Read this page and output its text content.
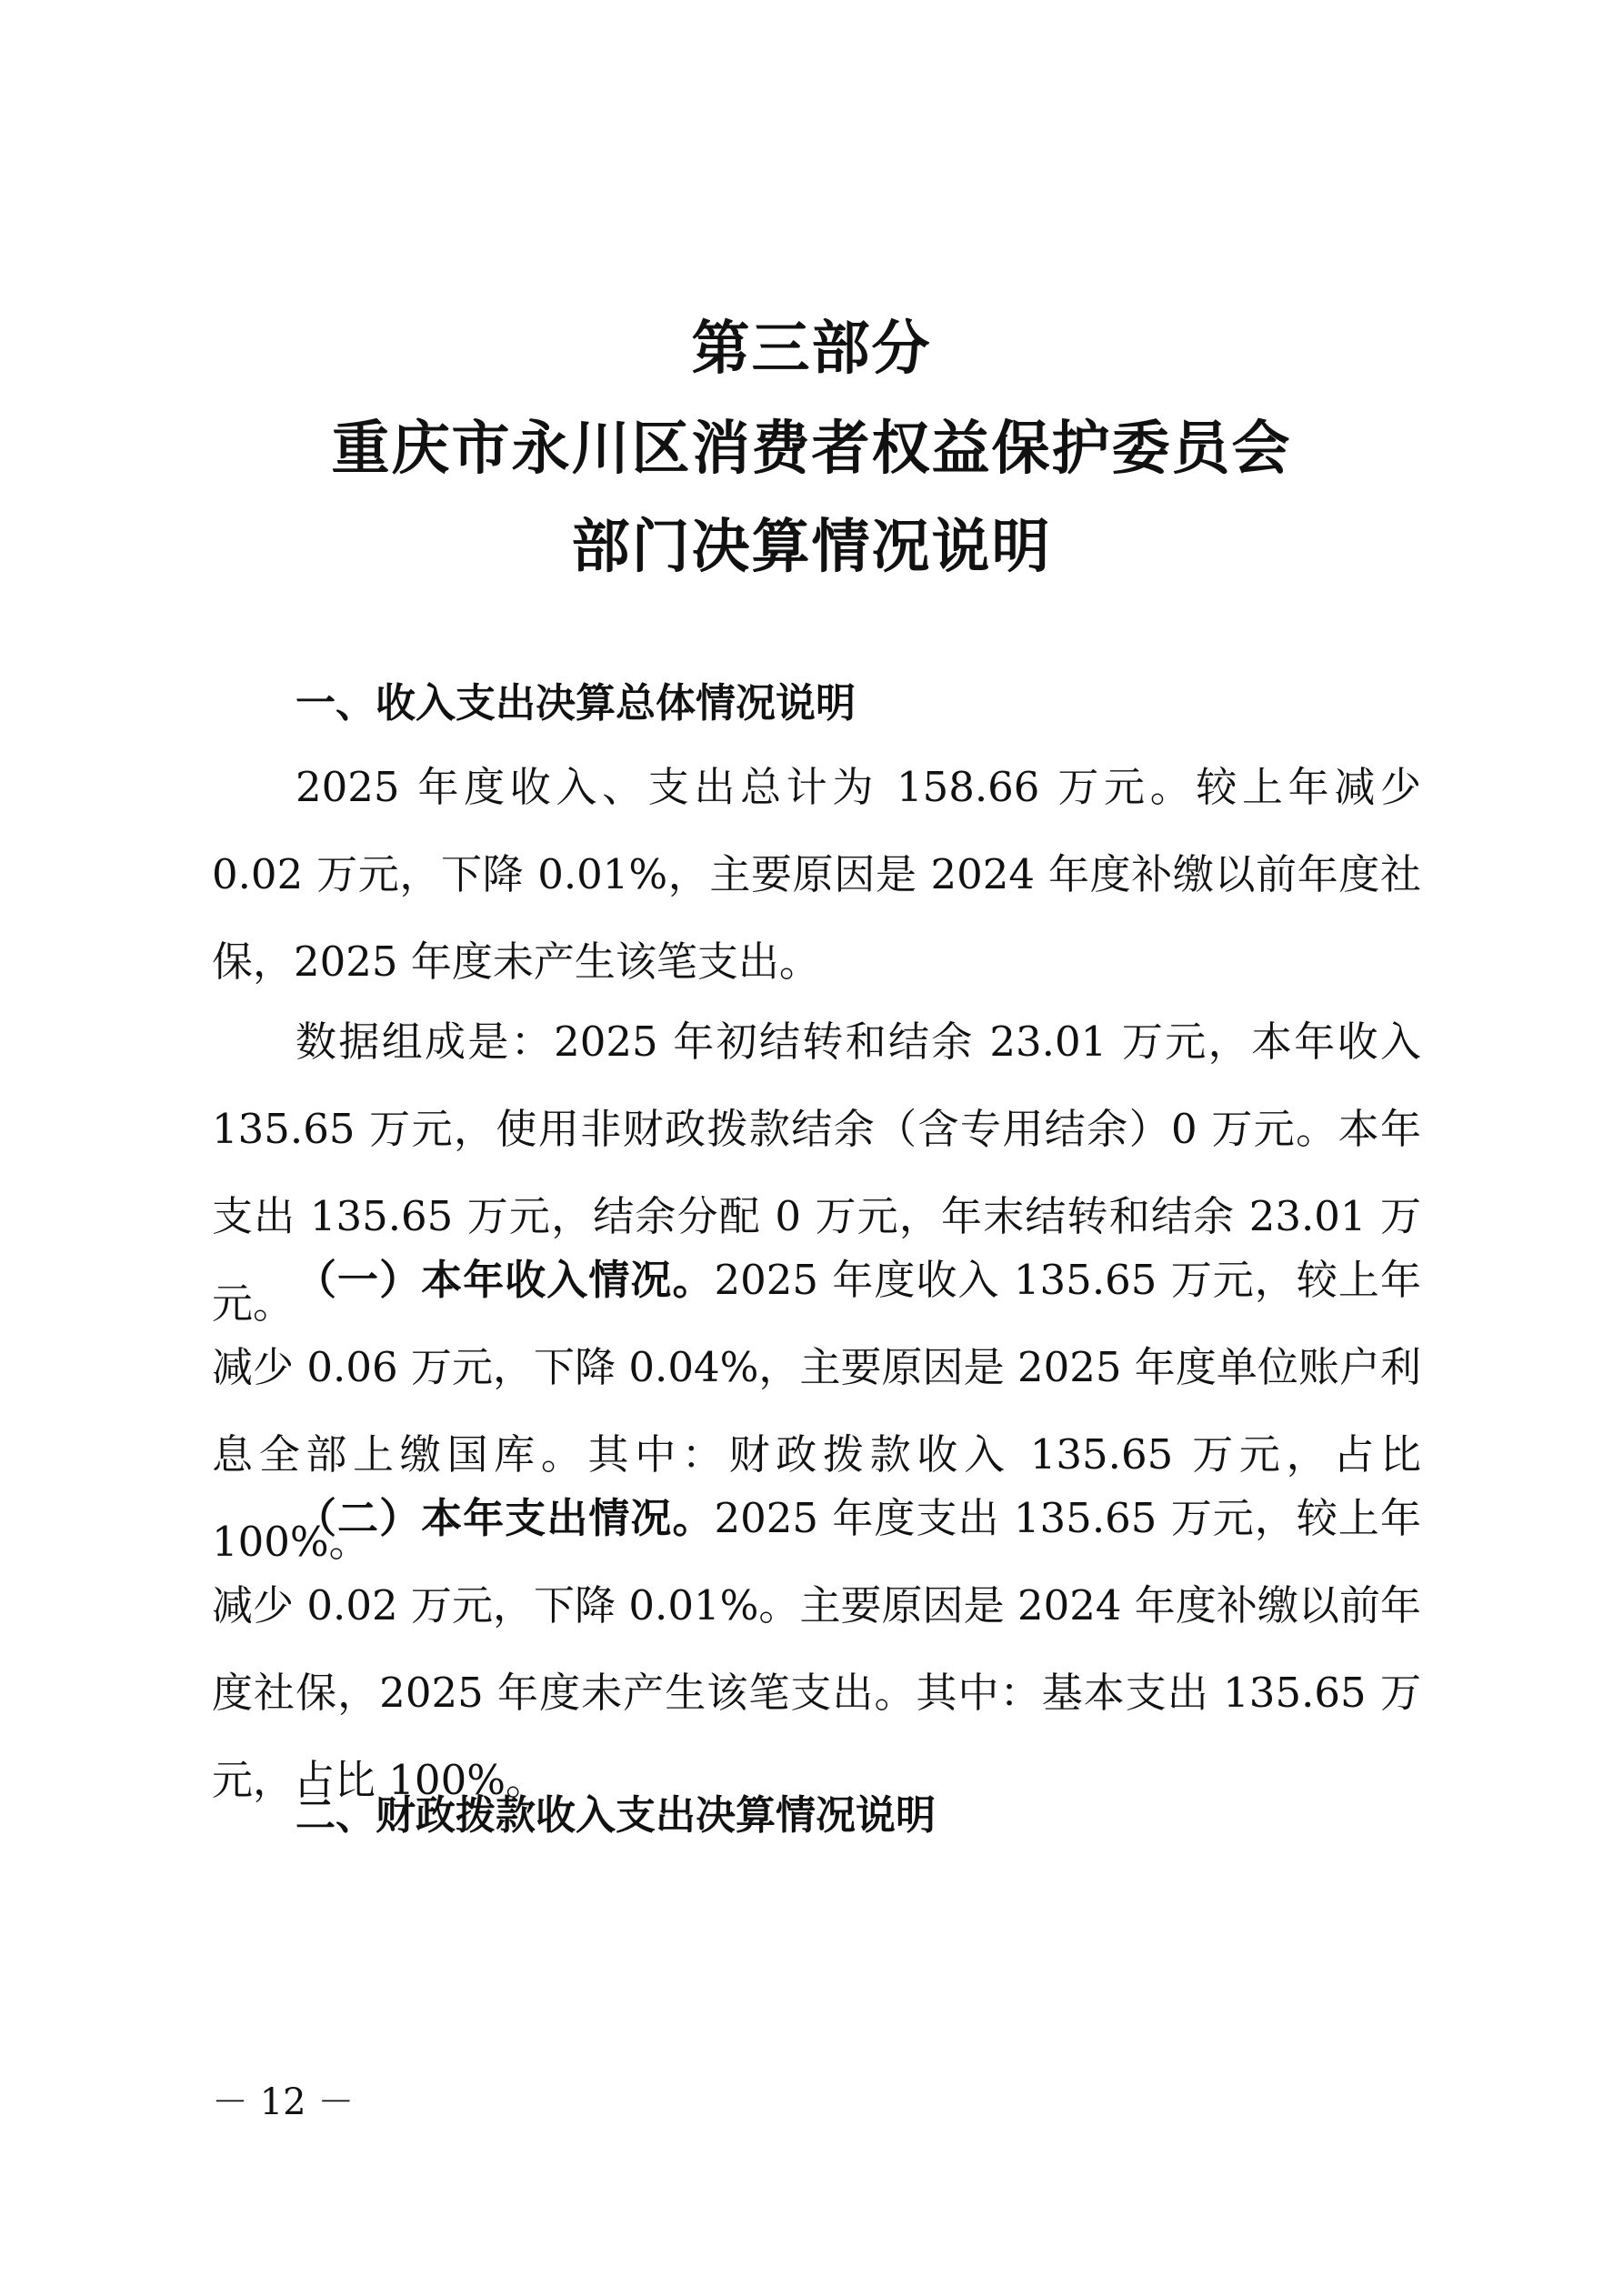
第三部分
重庆市永川区消费者权益保护委员会
部门决算情况说明
一、收入支出决算总体情况说明

2025 年度收入、支出总计为 158.66 万元。较上年减少 0.02 万元，下降 0.01%，主要原因是 2024 年度补缴以前年度社保，2025 年度未产生该笔支出。

数据组成是：2025 年初结转和结余 23.01 万元，本年收入 135.65 万元，使用非财政拨款结余（含专用结余）0 万元。本年支出 135.65 万元，结余分配 0 万元，年末结转和结余 23.01 万元。 （一）本年收入情况。2025 年度收入 135.65 万元，较上年减少 0.06 万元，下降 0.04%，主要原因是 2025 年度单位账户利息全部上缴国库。其中：财政拨款收入 135.65 万元，占比 100%。

（二）本年支出情况。2025 年度支出 135.65 万元，较上年减少 0.02 万元，下降 0.01%。主要原因是 2024 年度补缴以前年度社保，2025 年度未产生该笔支出。其中：基本支出 135.65 万元，占比 100%。

二、财政拨款收入支出决算情况说明
－ 12 －
